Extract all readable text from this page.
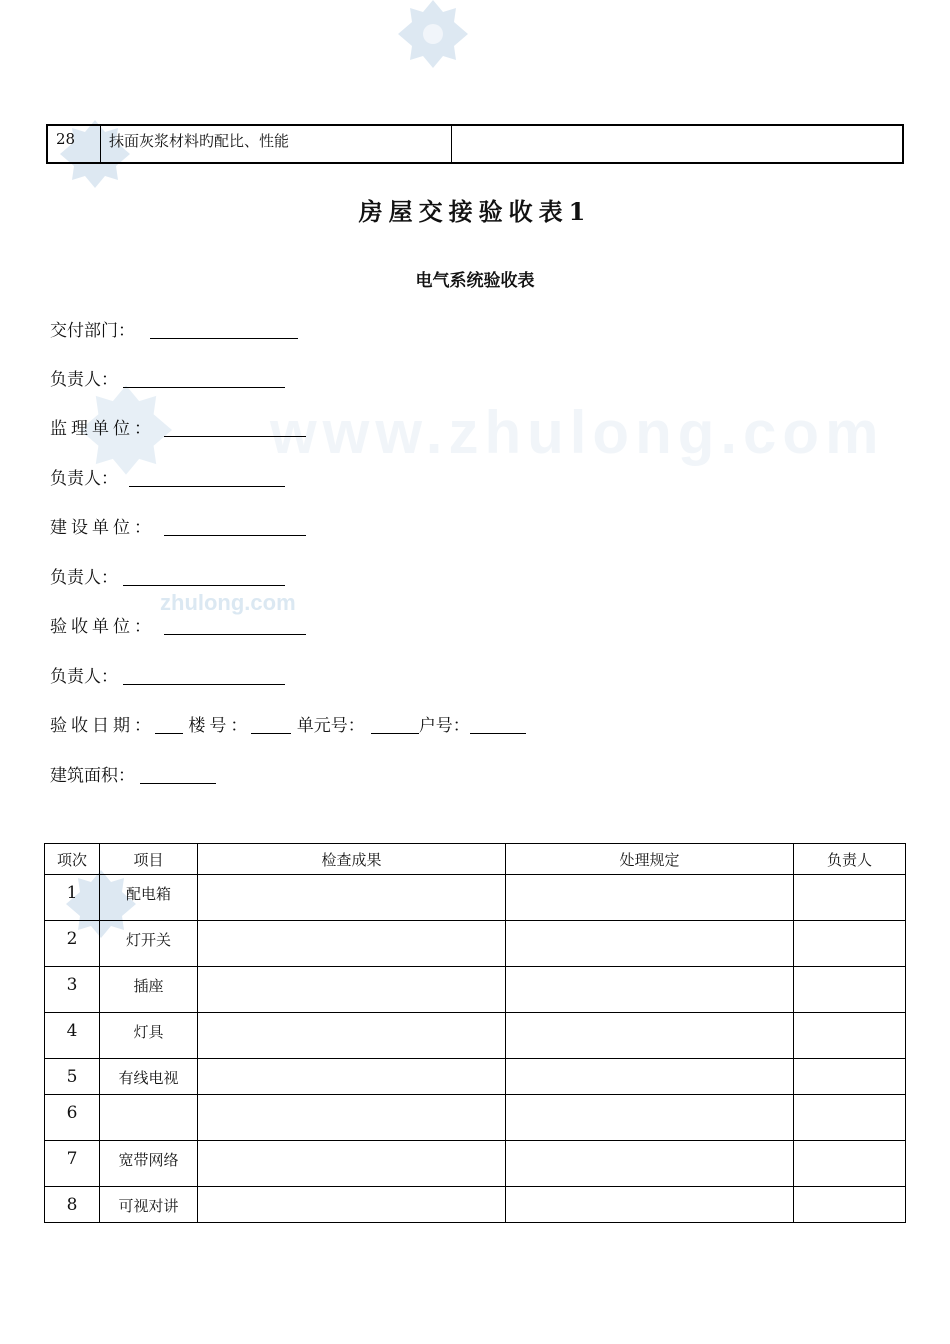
www.zhulong.com
zhulong.com
28	抹面灰浆材料旳配比、性能	
房屋交接验收表1
电气系统验收表
交付部门：
负责人：
监理单位：
负责人：
建设单位：
负责人：
验收单位：
负责人：
验收日期： 楼号：	单元号：	户号：
建筑面积：
项次	项目	检查成果	处理规定	负责人
1	配电箱			
2	灯开关			
3	插座			
4	灯具			
5	有线电视			
6				
7	宽带网络			
8	可视对讲			
